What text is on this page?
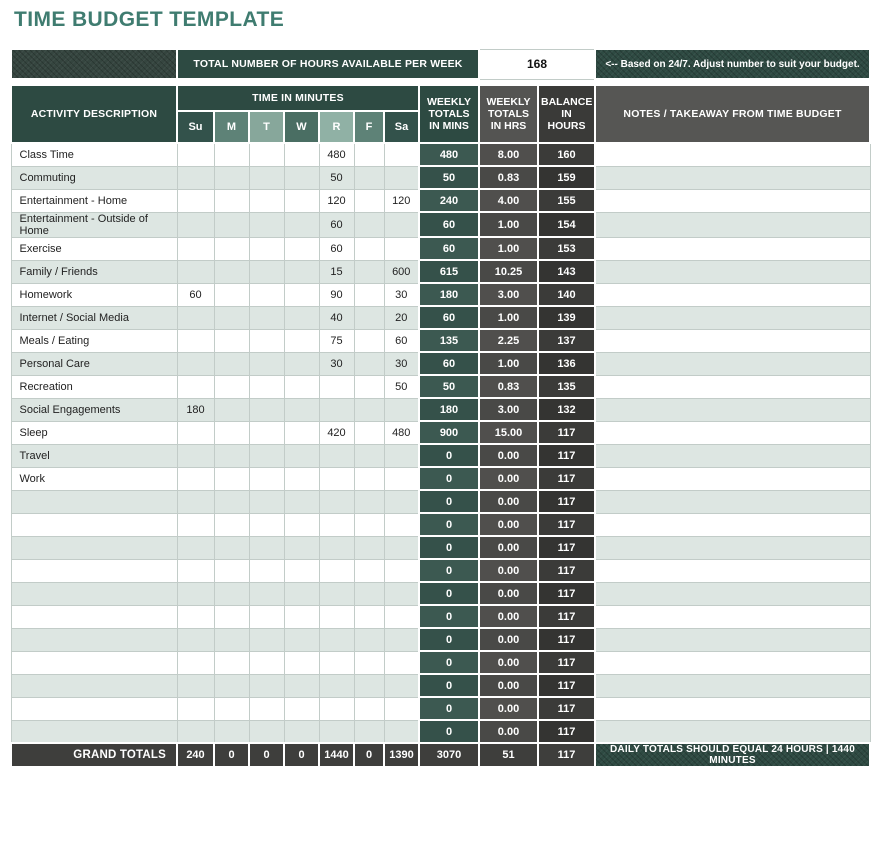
TIME BUDGET TEMPLATE
	TOTAL NUMBER OF HOURS AVAILABLE PER WEEK	168	<-- Based on 24/7. Adjust number to suit your budget.
ACTIVITY DESCRIPTION	TIME IN MINUTES							WEEKLY TOTALS IN MINS	WEEKLY TOTALS IN HRS	BALANCE IN HOURS	NOTES / TAKEAWAY FROM TIME BUDGET
	Su	M	T	W	R	F	Sa				
Class Time					480			480	8.00	160	
Commuting					50			50	0.83	159	
Entertainment - Home					120		120	240	4.00	155	
Entertainment - Outside of Home					60			60	1.00	154	
Exercise					60			60	1.00	153	
Family / Friends					15		600	615	10.25	143	
Homework	60				90		30	180	3.00	140	
Internet / Social Media					40		20	60	1.00	139	
Meals / Eating					75		60	135	2.25	137	
Personal Care					30		30	60	1.00	136	
Recreation							50	50	0.83	135	
Social Engagements	180							180	3.00	132	
Sleep					420		480	900	15.00	117	
Travel								0	0.00	117	
Work								0	0.00	117	
								0	0.00	117	
								0	0.00	117	
								0	0.00	117	
								0	0.00	117	
								0	0.00	117	
								0	0.00	117	
								0	0.00	117	
								0	0.00	117	
								0	0.00	117	
								0	0.00	117	
								0	0.00	117	
GRAND TOTALS	240	0	0	0	1440	0	1390	3070	51	117	DAILY TOTALS SHOULD EQUAL 24 HOURS | 1440 MINUTES
